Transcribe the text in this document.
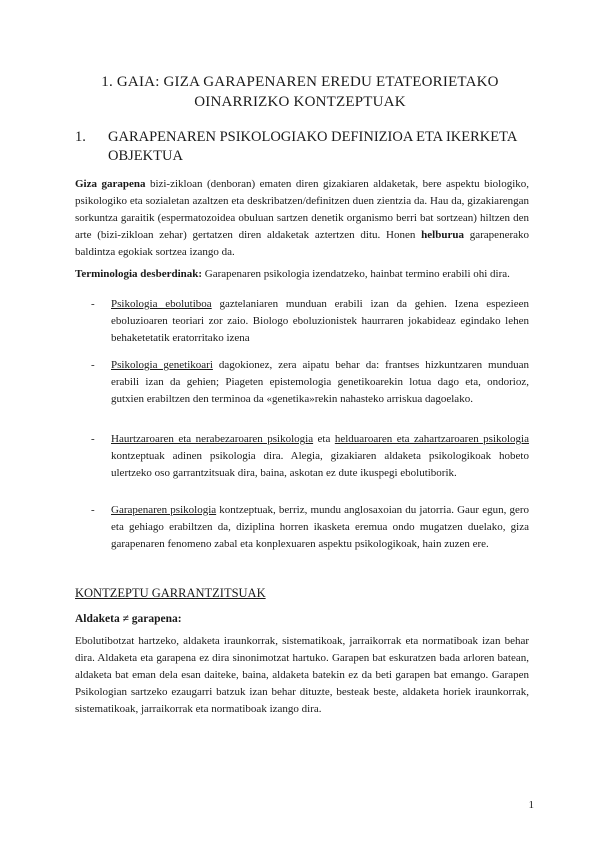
1. GAIA: GIZA GARAPENAREN EREDU ETATEORIETAKO
OINARRIZKO KONTZEPTUAK
1. GARAPENAREN PSIKOLOGIAKO DEFINIZIOA ETA IKERKETA
OBJEKTUA
Giza garapena bizi-zikloan (denboran) ematen diren gizakiaren aldaketak, bere aspektu biologiko, psikologiko eta sozialetan azaltzen eta deskribatzen/definitzen duen zientzia da. Hau da, gizakiarengan sorkuntza garaitik (espermatozoidea obuluan sartzen denetik organismo berri bat sortzean) hiltzen den arte (bizi-zikloan zehar) gertatzen diren aldaketak aztertzen ditu. Honen helburua garapenerako baldintza egokiak sortzea izango da.
Terminologia desberdinak: Garapenaren psikologia izendatzeko, hainbat termino erabili ohi dira.
- Psikologia ebolutiboa gaztelaniaren munduan erabili izan da gehien. Izena espezieen eboluzioaren teoriari zor zaio. Biologo eboluzionistek haurraren jokabideaz egindako lehen behaketetatik eratorritako izena
- Psikologia genetikoari dagokionez, zera aipatu behar da: frantses hizkuntzaren munduan erabili izan da gehien; Piageten epistemologia genetikoarekin lotua dago eta, ondorioz, gutxien erabiltzen den terminoa da «genetika»rekin nahasteko arriskua dagoelako.
- Haurtzaroaren eta nerabezaroaren psikologia eta helduaroaren eta zahartzaroaren psikologia kontzeptuak adinen psikologia dira. Alegia, gizakiaren aldaketa psikologikoak hobeto ulertzeko oso garrantzitsuak dira, baina, askotan ez dute ikuspegi ebolutiborik.
- Garapenaren psikologia kontzeptuak, berriz, mundu anglosaxoian du jatorria. Gaur egun, gero eta gehiago erabiltzen da, diziplina horren ikasketa eremua ondo mugatzen duelako, giza garapenaren fenomeno zabal eta konplexuaren aspektu psikologikoak, hain zuzen ere.
KONTZEPTU GARRANTZITSUAK
Aldaketa ≠ garapena:
Ebolutibotzat hartzeko, aldaketa iraunkorrak, sistematikoak, jarraikorrak eta normatiboak izan behar dira. Aldaketa eta garapena ez dira sinonimotzat hartuko. Garapen bat eskuratzen bada arloren batean, aldaketa bat eman dela esan daiteke, baina, aldaketa batekin ez da beti garapen bat emango. Garapen Psikologian sartzeko ezaugarri batzuk izan behar dituzte, besteak beste, aldaketa horiek iraunkorrak, sistematikoak, jarraikorrak eta normatiboak izango dira.
1
